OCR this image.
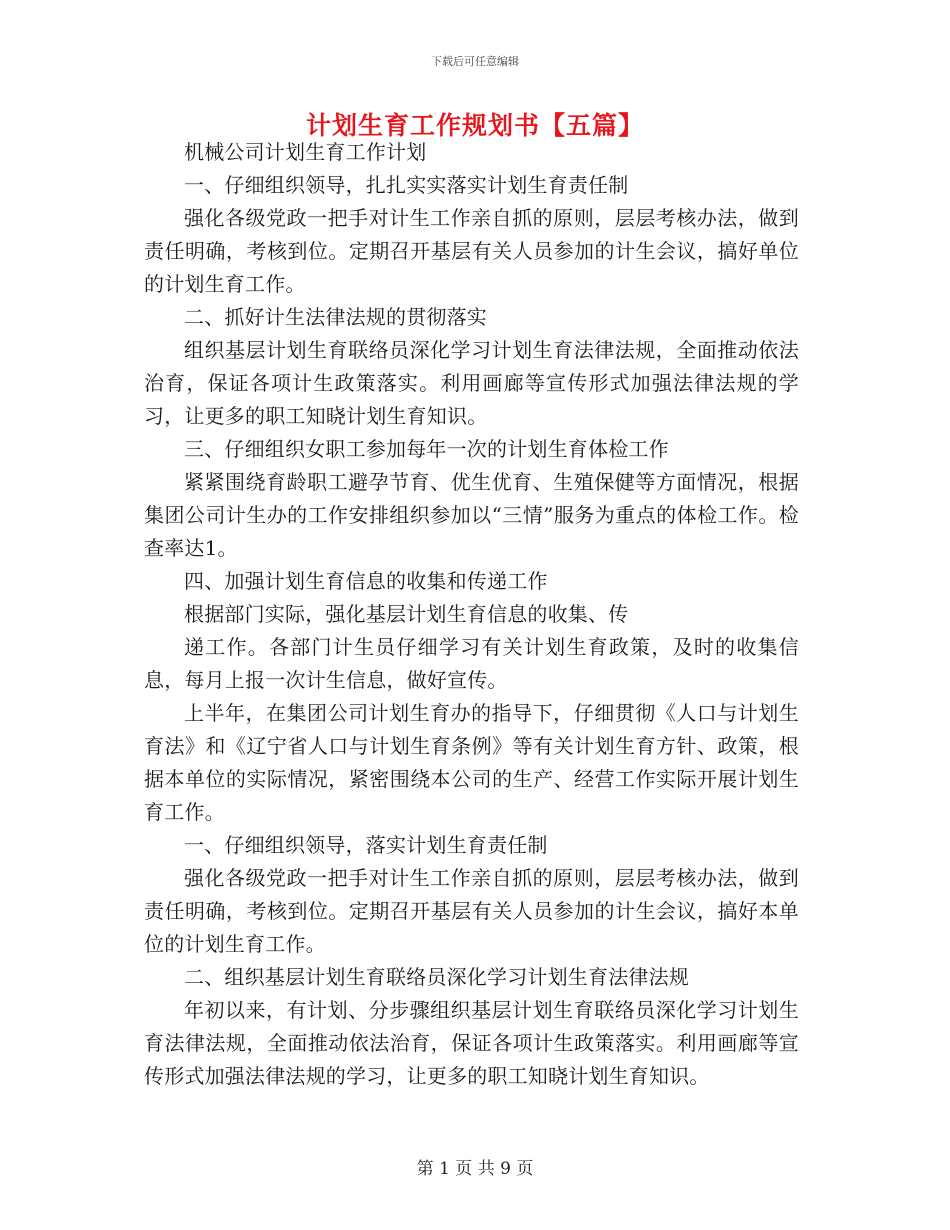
下载后可任意编辑
计划生育工作规划书【五篇】

机械公司计划生育工作计划

一、仔细组织领导，扎扎实实落实计划生育责任制

强化各级党政一把手对计生工作亲自抓的原则，层层考核办法，做到责任明确，考核到位。定期召开基层有关人员参加的计生会议，搞好单位的计划生育工作。

二、抓好计生法律法规的贯彻落实

组织基层计划生育联络员深化学习计划生育法律法规，全面推动依法治育，保证各项计生政策落实。利用画廊等宣传形式加强法律法规的学习，让更多的职工知晓计划生育知识。

三、仔细组织女职工参加每年一次的计划生育体检工作

紧紧围绕育龄职工避孕节育、优生优育、生殖保健等方面情况，根据集团公司计生办的工作安排组织参加以“三情”服务为重点的体检工作。检查率达1。

四、加强计划生育信息的收集和传递工作

根据部门实际，强化基层计划生育信息的收集、传

递工作。各部门计生员仔细学习有关计划生育政策，及时的收集信息，每月上报一次计生信息，做好宣传。

上半年，在集团公司计划生育办的指导下，仔细贯彻《人口与计划生育法》和《辽宁省人口与计划生育条例》等有关计划生育方针、政策，根据本单位的实际情况，紧密围绕本公司的生产、经营工作实际开展计划生育工作。

一、仔细组织领导，落实计划生育责任制

强化各级党政一把手对计生工作亲自抓的原则，层层考核办法，做到责任明确，考核到位。定期召开基层有关人员参加的计生会议，搞好本单位的计划生育工作。

二、组织基层计划生育联络员深化学习计划生育法律法规

年初以来，有计划、分步骤组织基层计划生育联络员深化学习计划生育法律法规，全面推动依法治育，保证各项计生政策落实。利用画廊等宣传形式加强法律法规的学习，让更多的职工知晓计划生育知识。

第 1 页 共 9 页
